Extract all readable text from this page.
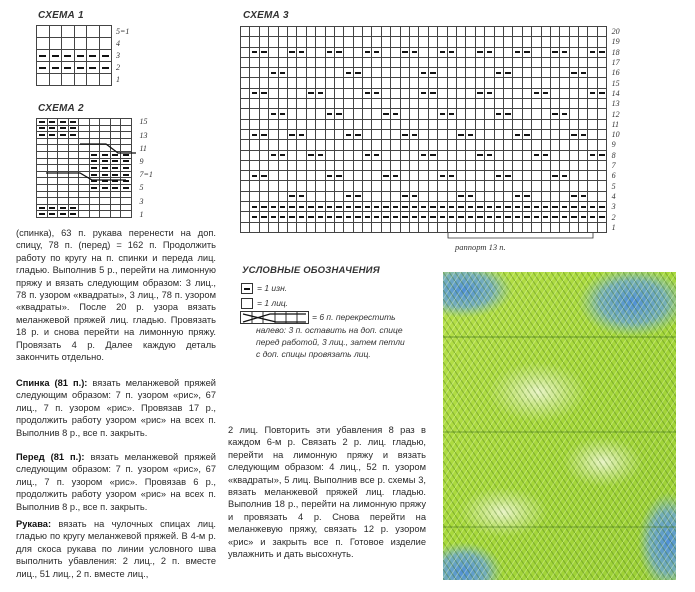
СХЕМА 1
СХЕМА 2
СХЕМА 3
раппорт 13 п.
УСЛОВНЫЕ ОБОЗНАЧЕНИЯ
= 1 изн.
= 1 лиц.
= 6 п. перекрестить
налево: 3 п. оставить на доп. спице
перед работой, 3 лиц., затем петли
с доп. спицы провязать лиц.

(спинка), 63 п. рукава перенести на доп. спицу, 78 п. (перед) = 162 п. Продолжить работу по кругу на п. спинки и переда лиц. гладью. Выполнив 5 р., перейти на лимонную пряжу и вязать следующим образом: 3 лиц., 78 п. узором «квадраты», 3 лиц., 78 п. узором «квадраты». После 20 р. узора вязать меланжевой пряжей лиц. гладью. Провязать 18 р. и снова перейти на лимонную пряжу. Провязать 4 р. Далее каждую деталь закончить отдельно.

Спинка (81 п.): вязать меланжевой пряжей следующим образом: 7 п. узором «рис», 67 лиц., 7 п. узором «рис». Провязав 17 р., продолжить работу узором «рис» на всех п. Выполнив 8 р., все п. закрыть.

Перед (81 п.): вязать меланжевой пряжей следующим образом: 7 п. узором «рис», 67 лиц., 7 п. узором «рис». Провязав 6 р., продолжить работу узором «рис» на всех п. Выполнив 8 р., все п. закрыть.

Рукава: вязать на чулочных спицах лиц. гладью по кругу меланжевой пряжей. В 4-м р. для скоса рукава по линии условного шва выполнить убавления: 2 лиц., 2 п. вместе лиц., 51 лиц., 2 п. вместе лиц.,

2 лиц. Повторить эти убавления 8 раз в каждом 6-м р. Связать 2 р. лиц. гладью, перейти на лимонную пряжу и вязать следующим образом: 4 лиц., 52 п. узором «квадраты», 5 лиц. Выполнив все р. схемы 3, вязать меланжевой пряжей лиц. гладью. Выполнив 18 р., перейти на лимонную пряжу и провязать 4 р. Снова перейти на меланжевую пряжу, связать 12 р. узором «рис» и закрыть все п. Готовое изделие увлажнить и дать высохнуть.

5=1
4
3
2
1
15
13
11
9
7=1
5
3
1
20
19
18
17
16
15
14
13
12
11
10
9
8
7
6
5
4
3
2
1
